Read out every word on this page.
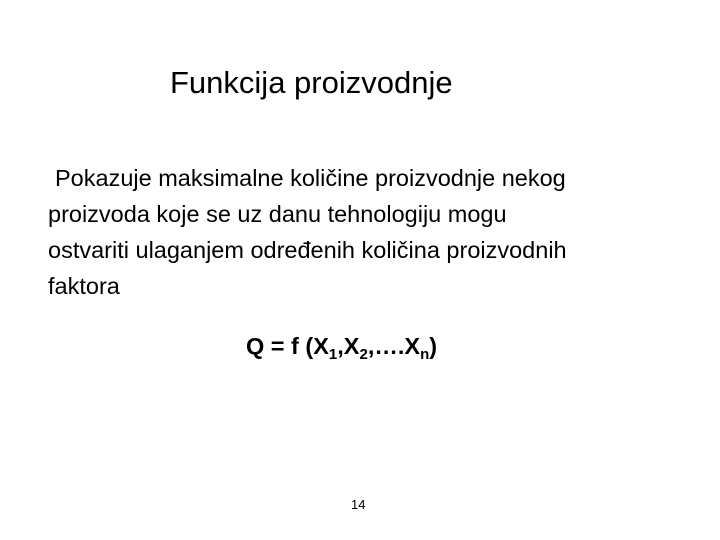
Funkcija proizvodnje
Pokazuje maksimalne količine proizvodnje nekog
proizvoda koje se uz danu tehnologiju mogu
ostvariti ulaganjem određenih količina proizvodnih
faktora
Q = f $(X_1,X_2,\dots.X_n)$
14
